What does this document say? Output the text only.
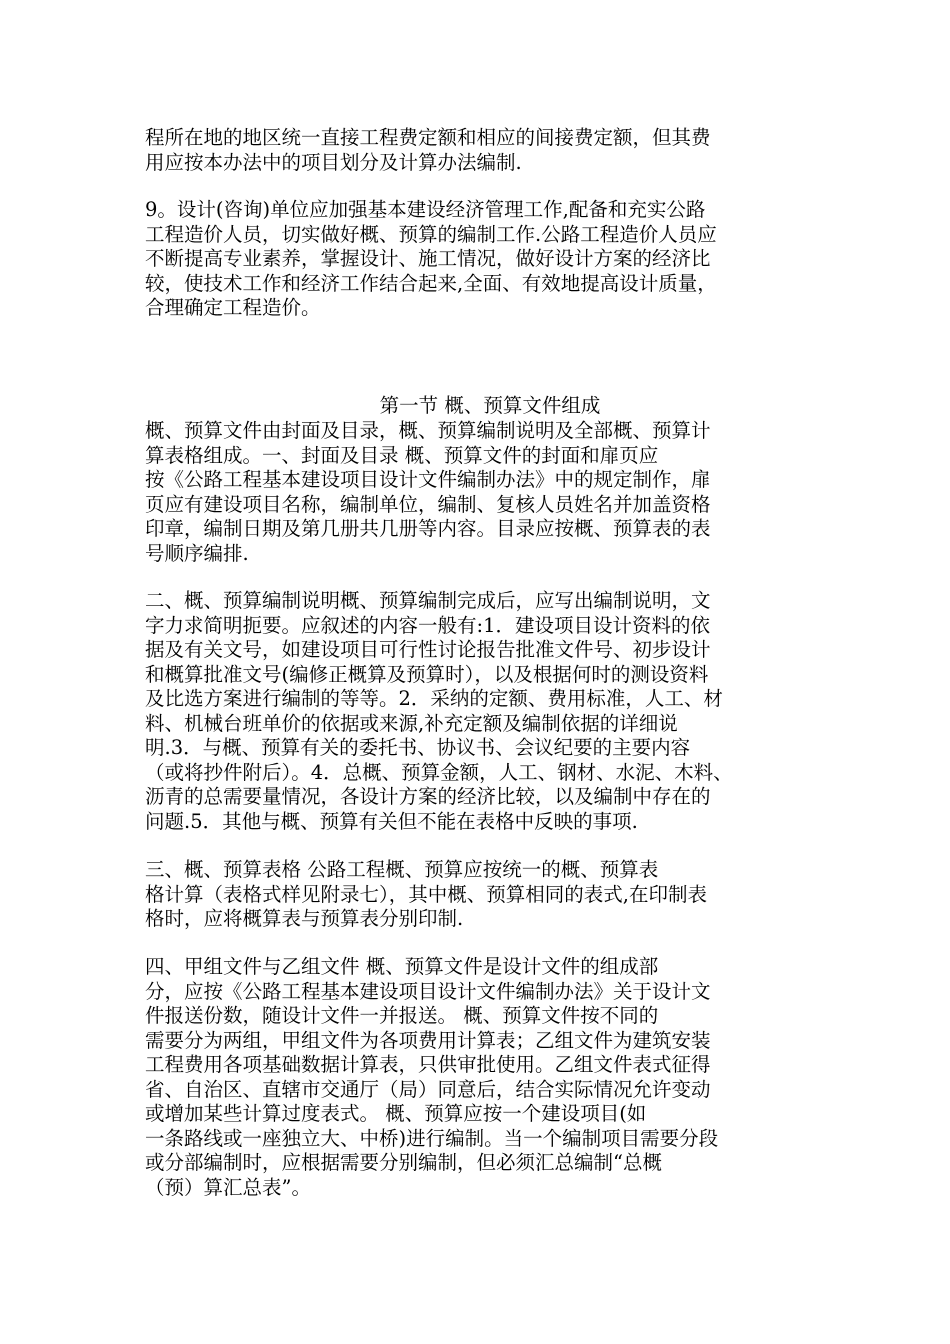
程所在地的地区统一直接工程费定额和相应的间接费定额，但其费
用应按本办法中的项目划分及计算办法编制.
9。设计(咨询)单位应加强基本建设经济管理工作,配备和充实公路
工程造价人员，切实做好概、预算的编制工作.公路工程造价人员应
不断提高专业素养，掌握设计、施工情况，做好设计方案的经济比
较，使技术工作和经济工作结合起来,全面、有效地提高设计质量，
合理确定工程造价。
第一节 概、预算文件组成
概、预算文件由封面及目录，概、预算编制说明及全部概、预算计
算表格组成。一、封面及目录 概、预算文件的封面和扉页应
按《公路工程基本建设项目设计文件编制办法》中的规定制作，扉
页应有建设项目名称，编制单位，编制、复核人员姓名并加盖资格
印章，编制日期及第几册共几册等内容。目录应按概、预算表的表
号顺序编排.
二、概、预算编制说明概、预算编制完成后，应写出编制说明，文
字力求简明扼要。应叙述的内容一般有:1．建设项目设计资料的依
据及有关文号，如建设项目可行性讨论报告批准文件号、初步设计
和概算批准文号(编修正概算及预算时），以及根据何时的测设资料
及比选方案进行编制的等等。2．采纳的定额、费用标准，人工、材
料、机械台班单价的依据或来源,补充定额及编制依据的详细说
明.3．与概、预算有关的委托书、协议书、会议纪要的主要内容
（或将抄件附后）。4．总概、预算金额，人工、钢材、水泥、木料、
沥青的总需要量情况，各设计方案的经济比较，以及编制中存在的
问题.5．其他与概、预算有关但不能在表格中反映的事项.
三、概、预算表格 公路工程概、预算应按统一的概、预算表
格计算（表格式样见附录七），其中概、预算相同的表式,在印制表
格时，应将概算表与预算表分别印制.
四、甲组文件与乙组文件 概、预算文件是设计文件的组成部
分，应按《公路工程基本建设项目设计文件编制办法》关于设计文
件报送份数，随设计文件一并报送。 概、预算文件按不同的
需要分为两组，甲组文件为各项费用计算表；乙组文件为建筑安装
工程费用各项基础数据计算表，只供审批使用。乙组文件表式征得
省、自治区、直辖市交通厅（局）同意后，结合实际情况允许变动
或增加某些计算过度表式。 概、预算应按一个建设项目(如
一条路线或一座独立大、中桥)进行编制。当一个编制项目需要分段
或分部编制时，应根据需要分别编制，但必须汇总编制“总概
（预）算汇总表”。
